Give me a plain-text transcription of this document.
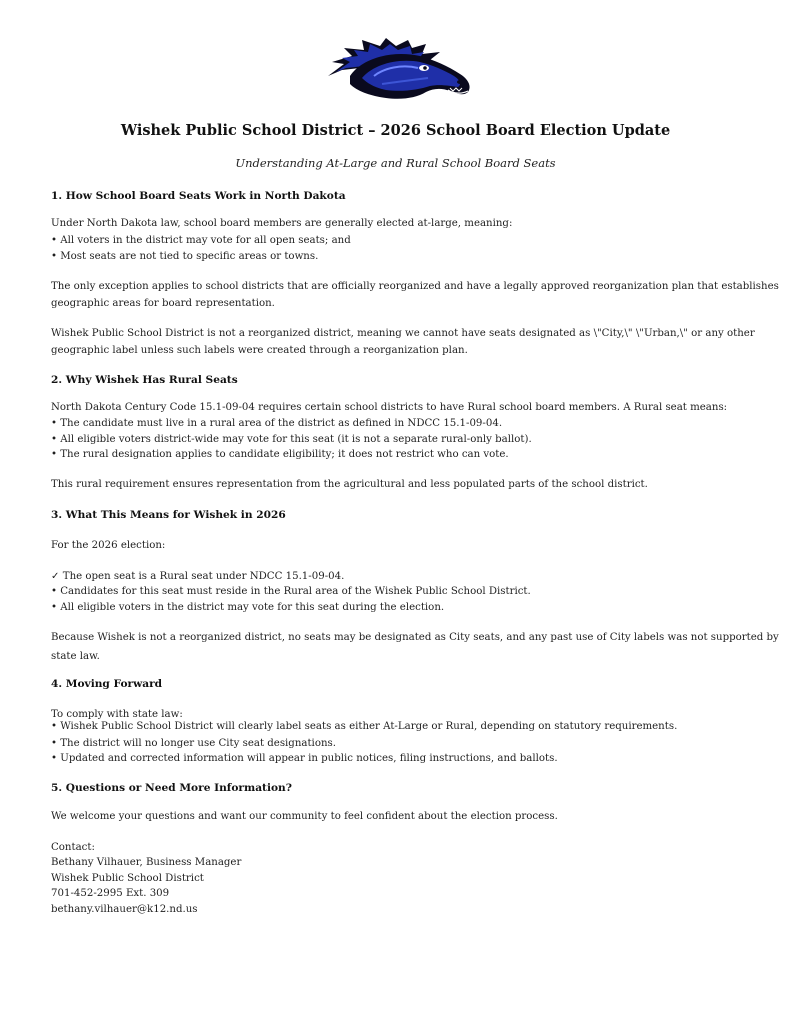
Wishek Public School District – 2026 School Board Election Update
Understanding At-Large and Rural School Board Seats
1. How School Board Seats Work in North Dakota
Under North Dakota law, school board members are generally elected at-large, meaning:
• All voters in the district may vote for all open seats; and
• Most seats are not tied to specific areas or towns.
The only exception applies to school districts that are officially reorganized and have a legally approved reorganization plan that establishes
geographic areas for board representation.
Wishek Public School District is not a reorganized district, meaning we cannot have seats designated as \"City,\" \"Urban,\" or any other
geographic label unless such labels were created through a reorganization plan.
2. Why Wishek Has Rural Seats
North Dakota Century Code 15.1-09-04 requires certain school districts to have Rural school board members. A Rural seat means:
• The candidate must live in a rural area of the district as defined in NDCC 15.1-09-04.
• All eligible voters district-wide may vote for this seat (it is not a separate rural-only ballot).
• The rural designation applies to candidate eligibility; it does not restrict who can vote.
This rural requirement ensures representation from the agricultural and less populated parts of the school district.
3. What This Means for Wishek in 2026
For the 2026 election:
✓ The open seat is a Rural seat under NDCC 15.1-09-04.
• Candidates for this seat must reside in the Rural area of the Wishek Public School District.
• All eligible voters in the district may vote for this seat during the election.
Because Wishek is not a reorganized district, no seats may be designated as City seats, and any past use of City labels was not supported by
state law.
4. Moving Forward
To comply with state law:
• Wishek Public School District will clearly label seats as either At-Large or Rural, depending on statutory requirements.
• The district will no longer use City seat designations.
• Updated and corrected information will appear in public notices, filing instructions, and ballots.
5. Questions or Need More Information?
We welcome your questions and want our community to feel confident about the election process.
Contact:
Bethany Vilhauer, Business Manager
Wishek Public School District
701-452-2995 Ext. 309
bethany.vilhauer@k12.nd.us
